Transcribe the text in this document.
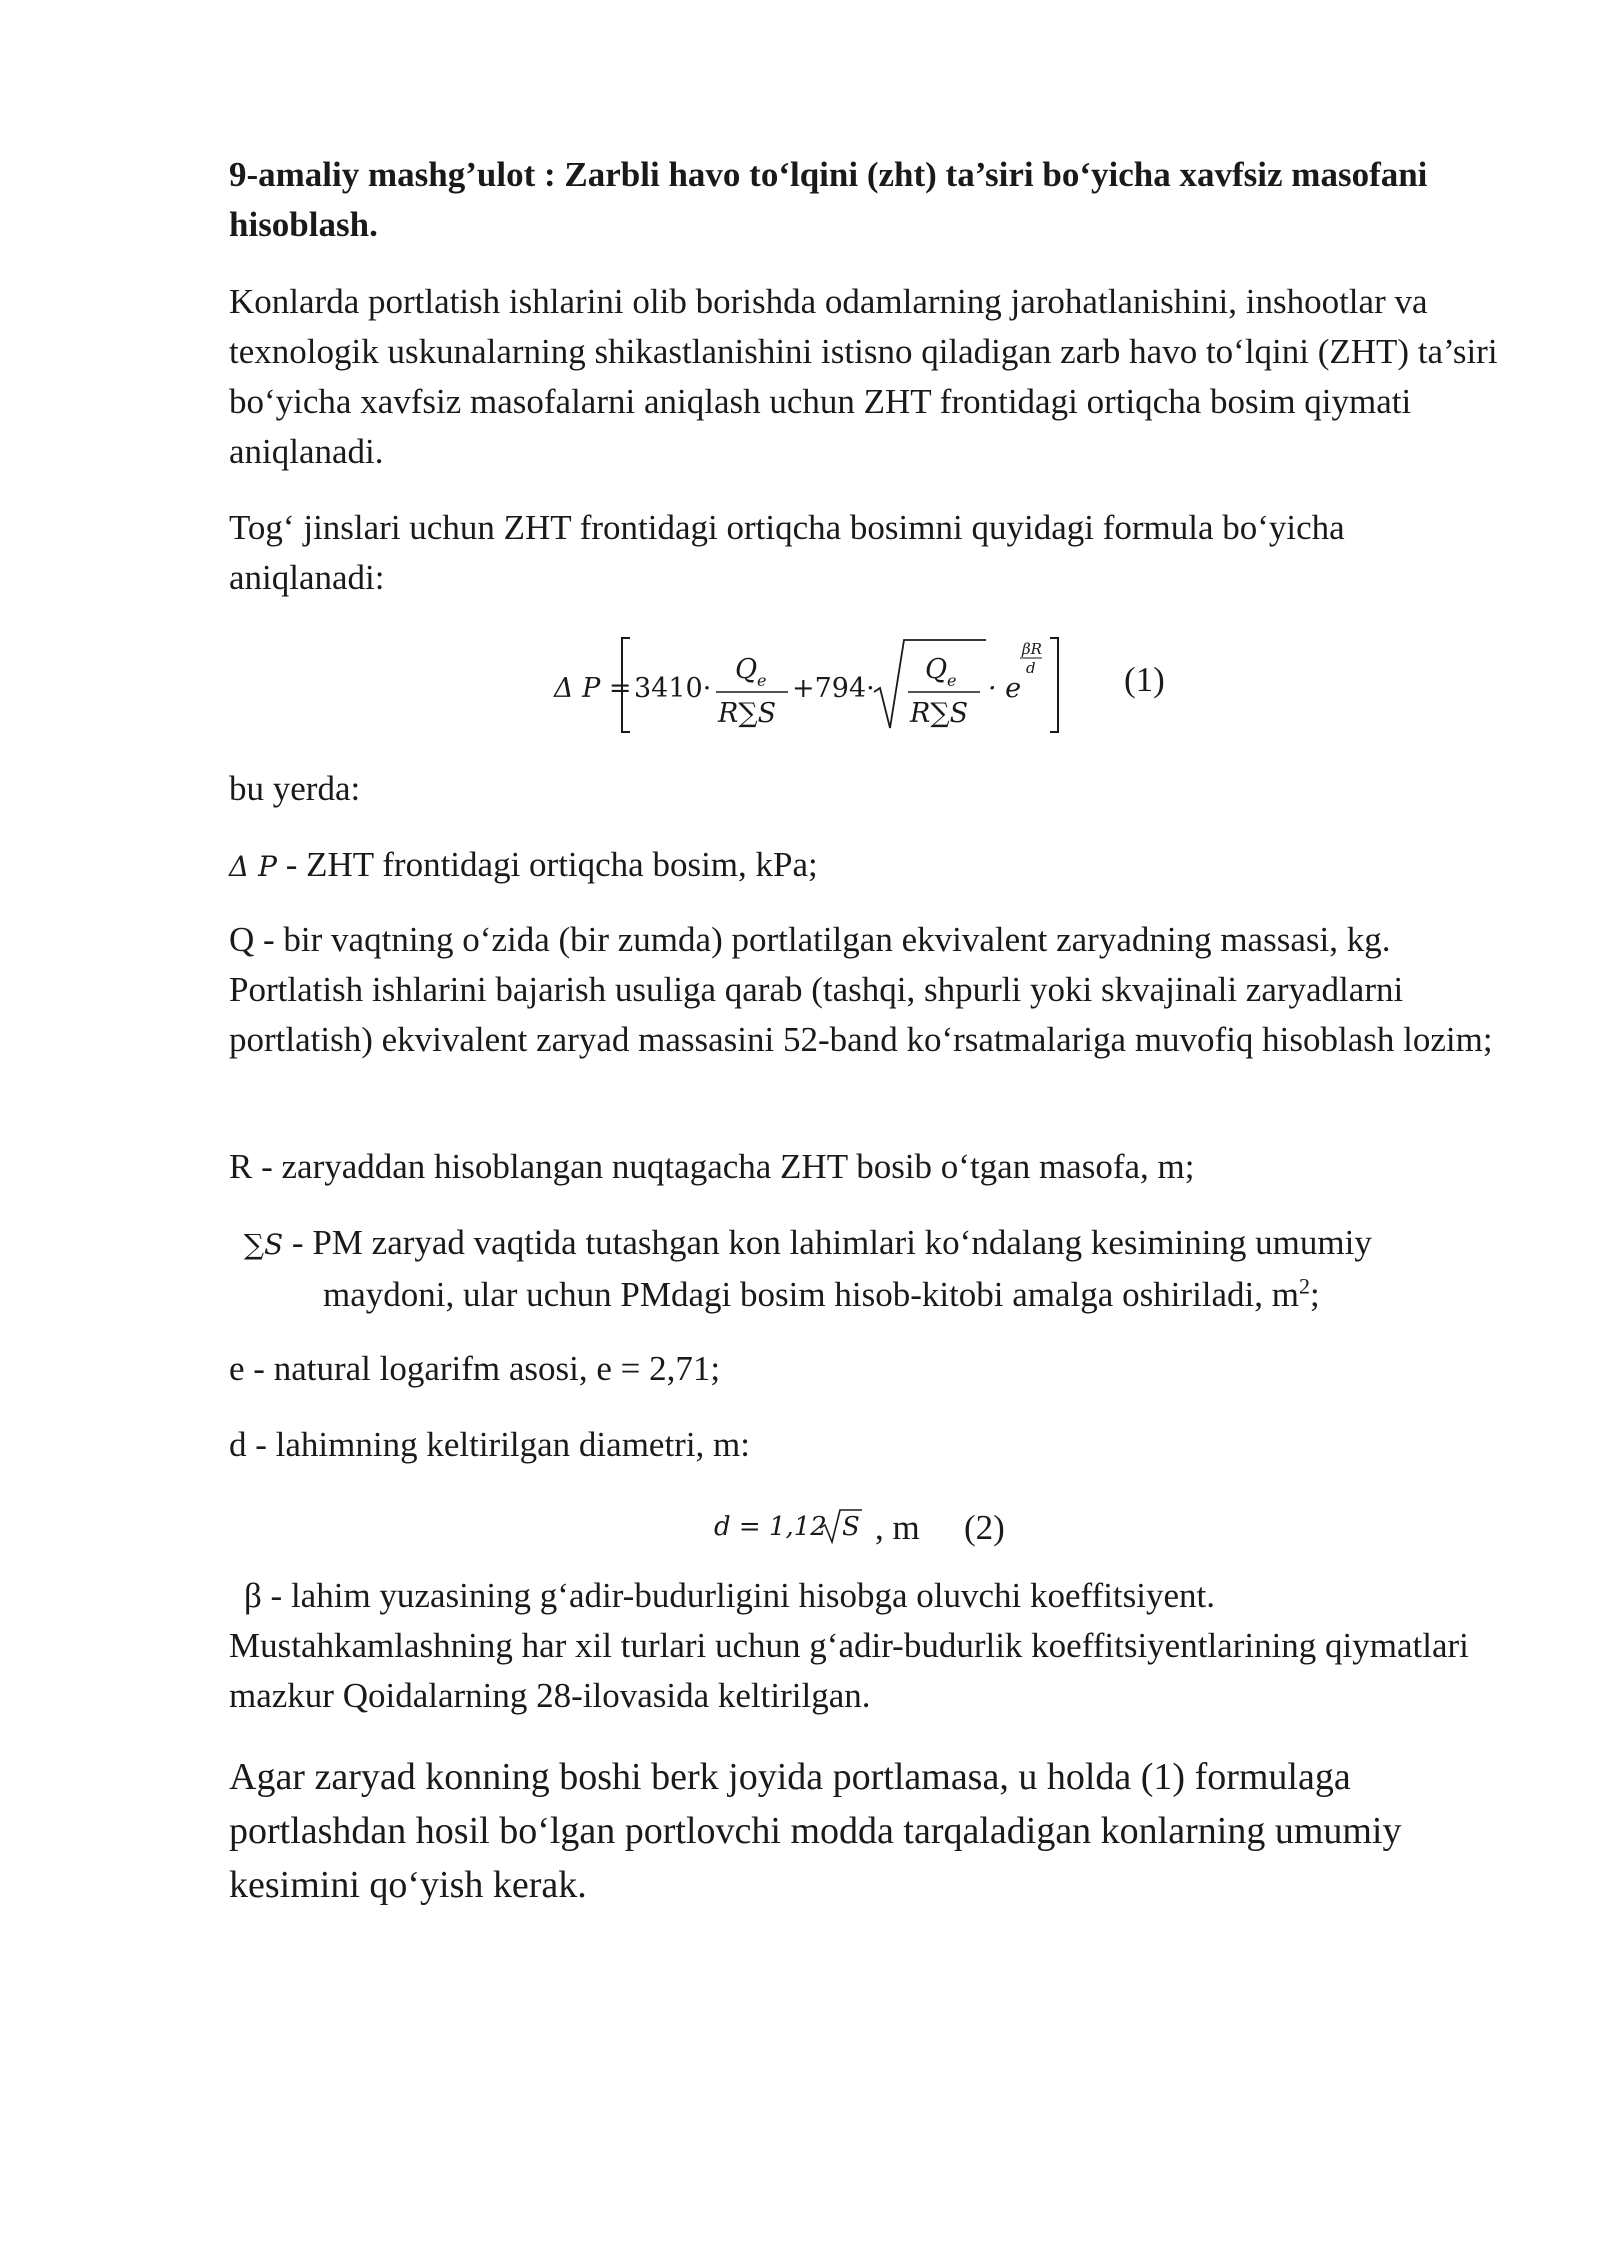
9-amaliy mashg’ulot : Zarbli havo to‘lqini (zht) ta’siri bo‘yicha xavfsiz masofani hisoblash.

Konlarda portlatish ishlarini olib borishda odamlarning jarohatlanishini, inshootlar va texnologik uskunalarning shikastlanishini istisno qiladigan zarb havo to‘lqini (ZHT) ta’siri bo‘yicha xavfsiz masofalarni aniqlash uchun ZHT frontidagi ortiqcha bosim qiymati aniqlanadi.

Tog‘ jinslari uchun ZHT frontidagi ortiqcha bosimni quyidagi formula bo‘yicha aniqlanadi:

Δ P = 3410·
Q e
R∑S
+794·
Q e
R∑S
· e
βR
d	(1)

bu yerda:

Δ P - ZHT frontidagi ortiqcha bosim, kPa;

Q - bir vaqtning o‘zida (bir zumda) portlatilgan ekvivalent zaryadning massasi, kg. Portlatish ishlarini bajarish usuliga qarab (tashqi, shpurli yoki skvajinali zaryadlarni portlatish) ekvivalent zaryad massasini 52-band ko‘rsatmalariga muvofiq hisoblash lozim;

R - zaryaddan hisoblangan nuqtagacha ZHT bosib o‘tgan masofa, m;

∑S - PM zaryad vaqtida tutashgan kon lahimlari ko‘ndalang kesimining umumiy
maydoni, ular uchun PMdagi bosim hisob-kitobi amalga oshiriladi, $m^2$;

e - natural logarifm asosi, e = 2,71;

d - lahimning keltirilgan diametri, m:

d = 1,12 S , m (2)

β - lahim yuzasining g‘adir-budurligini hisobga oluvchi koeffitsiyent.
Mustahkamlashning har xil turlari uchun g‘adir-budurlik koeffitsiyentlarining qiymatlari mazkur Qoidalarning 28-ilovasida keltirilgan.

Agar zaryad konning boshi berk joyida portlamasa, u holda (1) formulaga portlashdan hosil bo‘lgan portlovchi modda tarqaladigan konlarning umumiy kesimini qo‘yish kerak.
